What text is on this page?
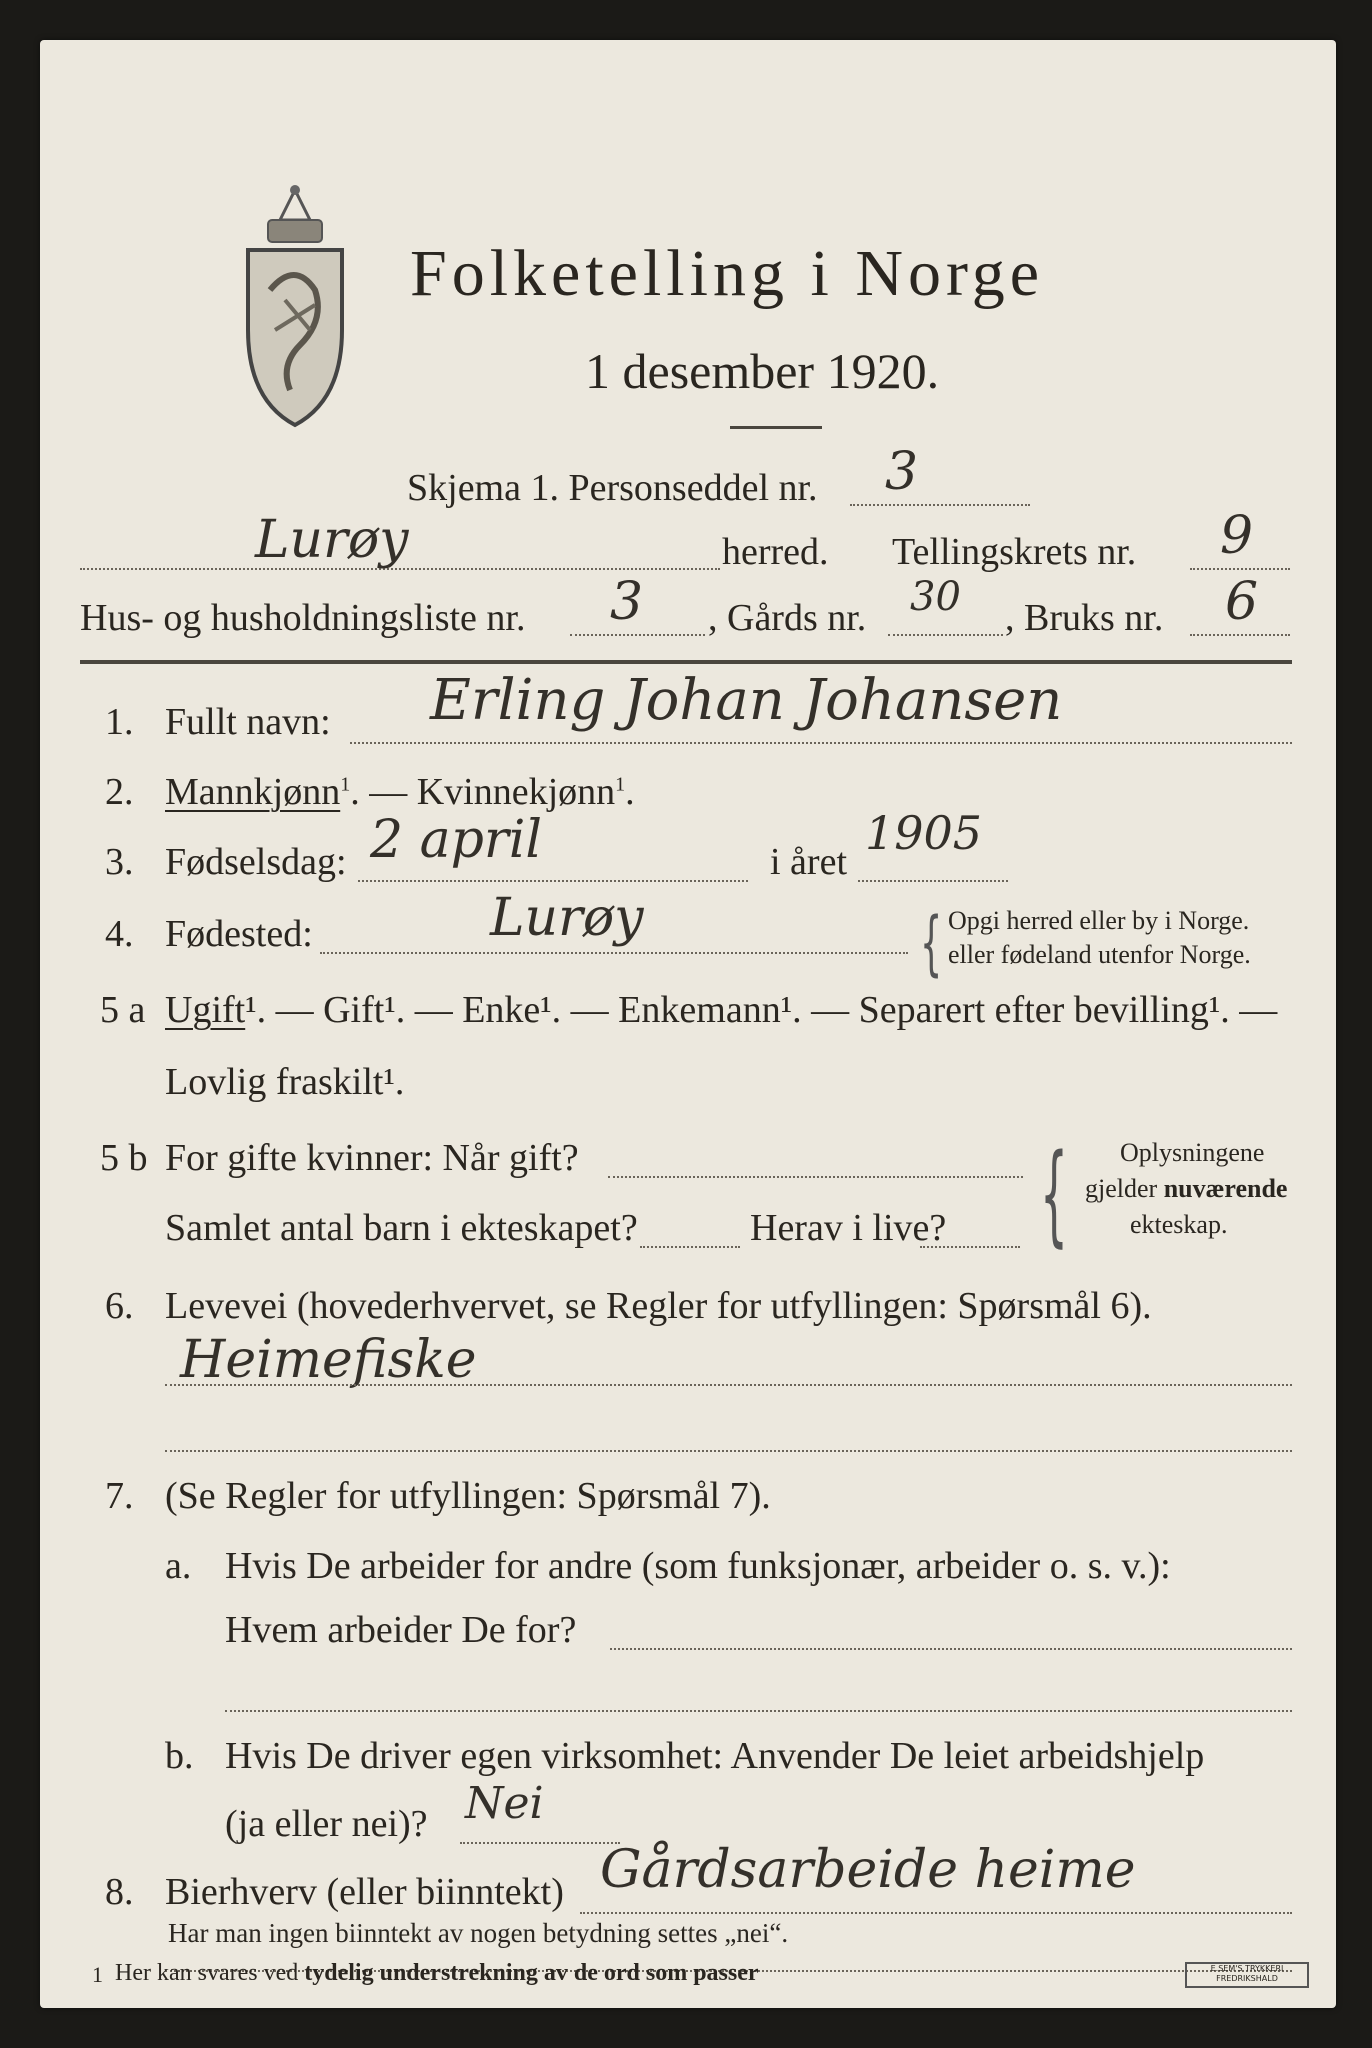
Folketelling i Norge
1 desember 1920.
Skjema 1. Personseddel nr. 3
Lurøy	herred. Tellingskrets nr. 9
Hus- og husholdningsliste nr. 3 , Gårds nr. 30 , Bruks nr. 6
1. Fullt navn: Erling Johan Johansen
2. Mannkjønn$^1$. — Kvinnekjønn$^1$.
3. Fødselsdag: 2 april	i året
1905
4. Fødested:	Lurøy	{ Opgi herred eller by i Norge.
eller fødeland utenfor Norge.
5 a Ugift¹. — Gift¹. — Enke¹. — Enkemann¹. — Separert efter bevilling¹. —
Lovlig fraskilt¹.
5 b For gifte kvinner: Når gift?
Samlet antal barn i ekteskapet?	Herav i live? { Oplysningene
gjelder nuværende
ekteskap.
6. Levevei (hovederhvervet, se Regler for utfyllingen: Spørsmål 6).
Heimefiske
7. (Se Regler for utfyllingen: Spørsmål 7).
a. Hvis De arbeider for andre (som funksjonær, arbeider o. s. v.):
Hvem arbeider De for?
b. Hvis De driver egen virksomhet: Anvender De leiet arbeidshjelp
(ja eller nei)? Nei
8. Bierhverv (eller biinntekt) Gårdsarbeide heime
Har man ingen biinntekt av nogen betydning settes „nei“.
1 Her kan svares ved tydelig understrekning av de ord som passer	E.SEM'S TRYKKERI FREDRIKSHALD
